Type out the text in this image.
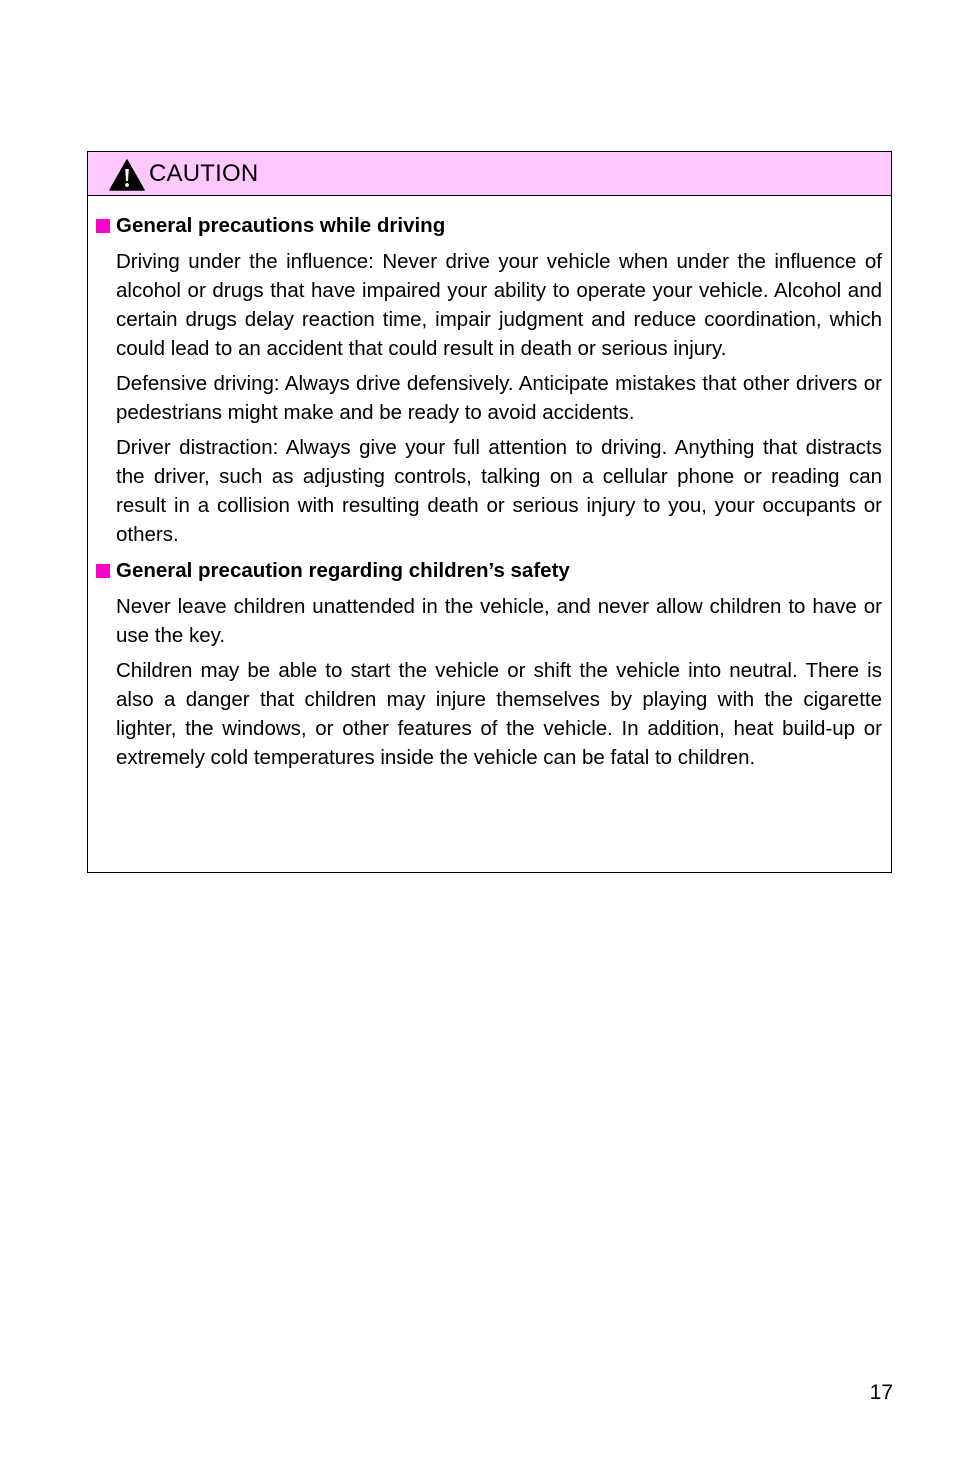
CAUTION
General precautions while driving

Driving under the influence: Never drive your vehicle when under the influence of alcohol or drugs that have impaired your ability to operate your vehicle. Alcohol and certain drugs delay reaction time, impair judgment and reduce coordination, which could lead to an accident that could result in death or serious injury.

Defensive driving: Always drive defensively. Anticipate mistakes that other drivers or pedestrians might make and be ready to avoid accidents.

Driver distraction: Always give your full attention to driving. Anything that distracts the driver, such as adjusting controls, talking on a cellular phone or reading can result in a collision with resulting death or serious injury to you, your occupants or others.

General precaution regarding children’s safety

Never leave children unattended in the vehicle, and never allow children to have or use the key.

Children may be able to start the vehicle or shift the vehicle into neutral. There is also a danger that children may injure themselves by playing with the cigarette lighter, the windows, or other features of the vehicle. In addition, heat build-up or extremely cold temperatures inside the vehicle can be fatal to children.

17
